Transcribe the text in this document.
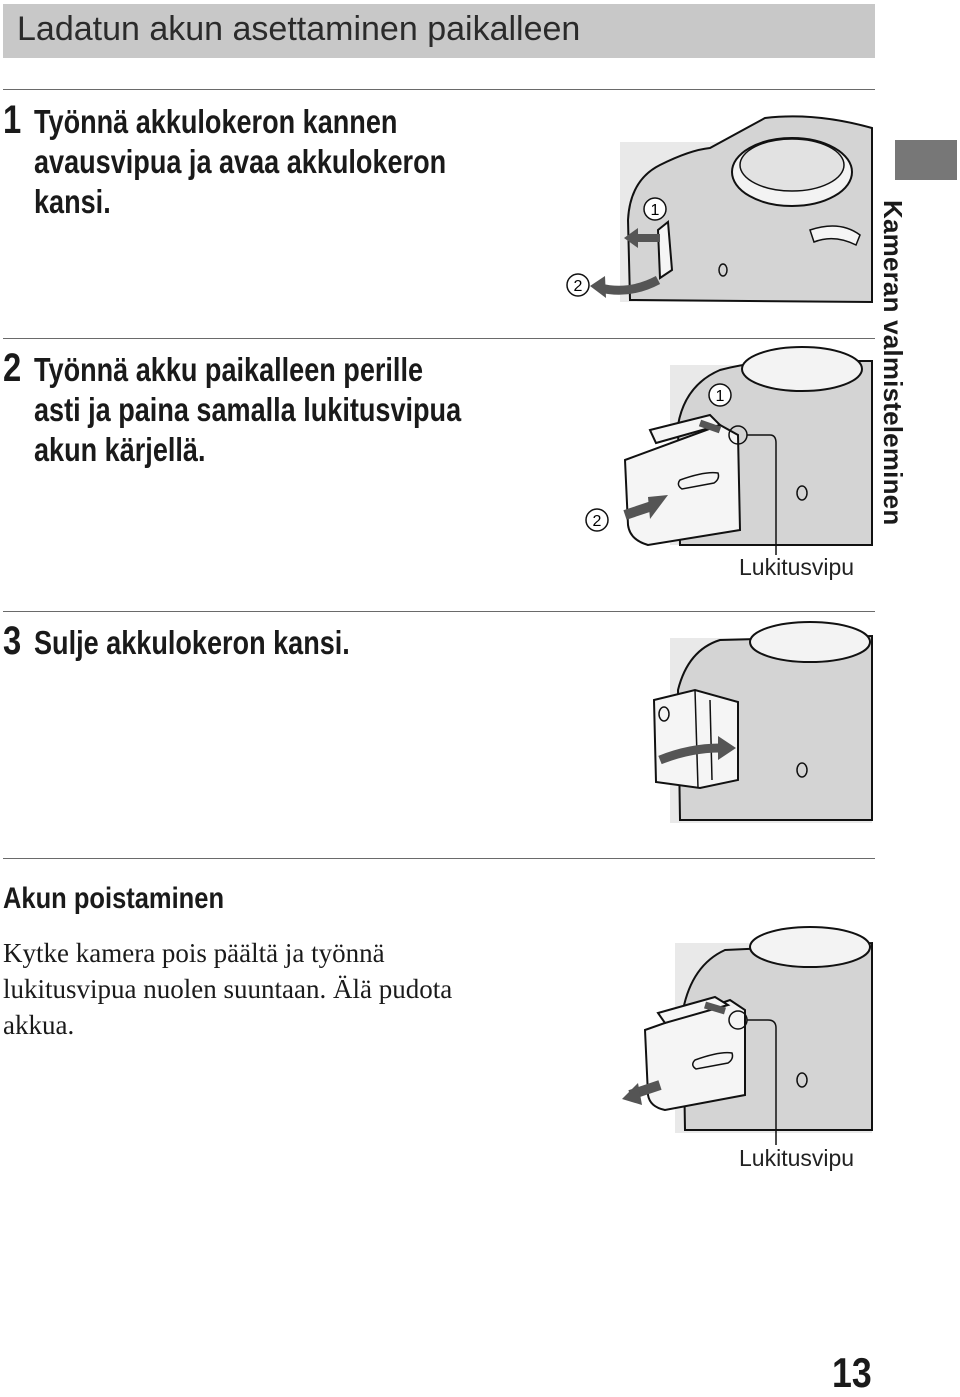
Ladatun akun asettaminen paikalleen
1 Työnnä akkulokeron kannen
avausvipua ja avaa akkulokeron
kansi.
2 Työnnä akku paikalleen perille
asti ja paina samalla lukitusvipua
akun kärjellä.
3 Sulje akkulokeron kansi.
Akun poistaminen
Kytke kamera pois päältä ja työnnä
lukitusvipua nuolen suuntaan. Älä pudota
akkua.
Kameran valmisteleminen
13
1
2
1
2
Lukitusvipu
Lukitusvipu
